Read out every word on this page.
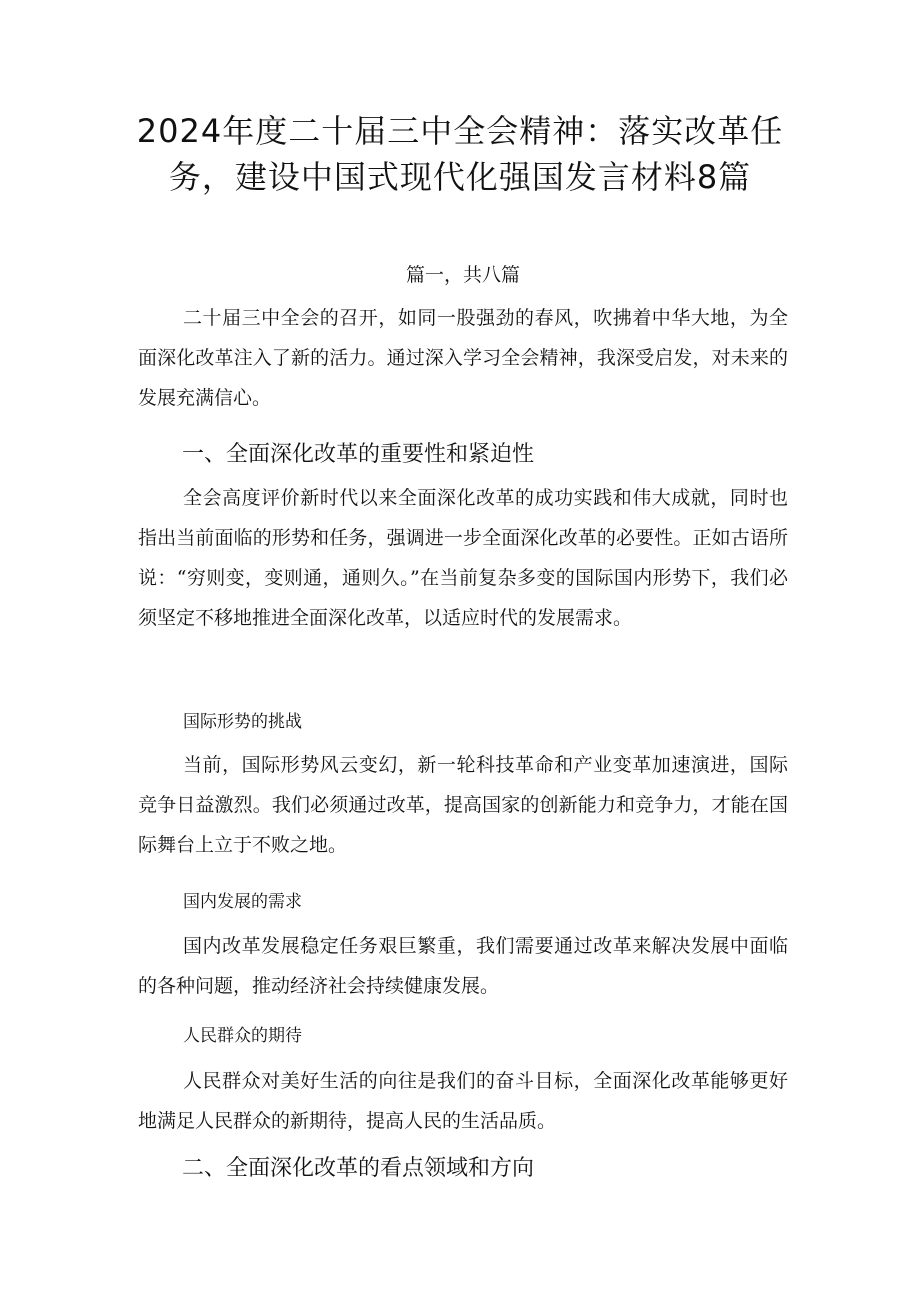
2024年度二十届三中全会精神：落实改革任
务，建设中国式现代化强国发言材料8篇

篇一，共八篇

二十届三中全会的召开，如同一股强劲的春风，吹拂着中华大地，为全面深化改革注入了新的活力。通过深入学习全会精神，我深受启发，对未来的发展充满信心。

一、全面深化改革的重要性和紧迫性

全会高度评价新时代以来全面深化改革的成功实践和伟大成就，同时也指出当前面临的形势和任务，强调进一步全面深化改革的必要性。正如古语所说：“穷则变，变则通，通则久。”在当前复杂多变的国际国内形势下，我们必须坚定不移地推进全面深化改革，以适应时代的发展需求。

国际形势的挑战

当前，国际形势风云变幻，新一轮科技革命和产业变革加速演进，国际竞争日益激烈。我们必须通过改革，提高国家的创新能力和竞争力，才能在国际舞台上立于不败之地。

国内发展的需求

国内改革发展稳定任务艰巨繁重，我们需要通过改革来解决发展中面临的各种问题，推动经济社会持续健康发展。

人民群众的期待

人民群众对美好生活的向往是我们的奋斗目标，全面深化改革能够更好地满足人民群众的新期待，提高人民的生活品质。

二、全面深化改革的看点领域和方向
